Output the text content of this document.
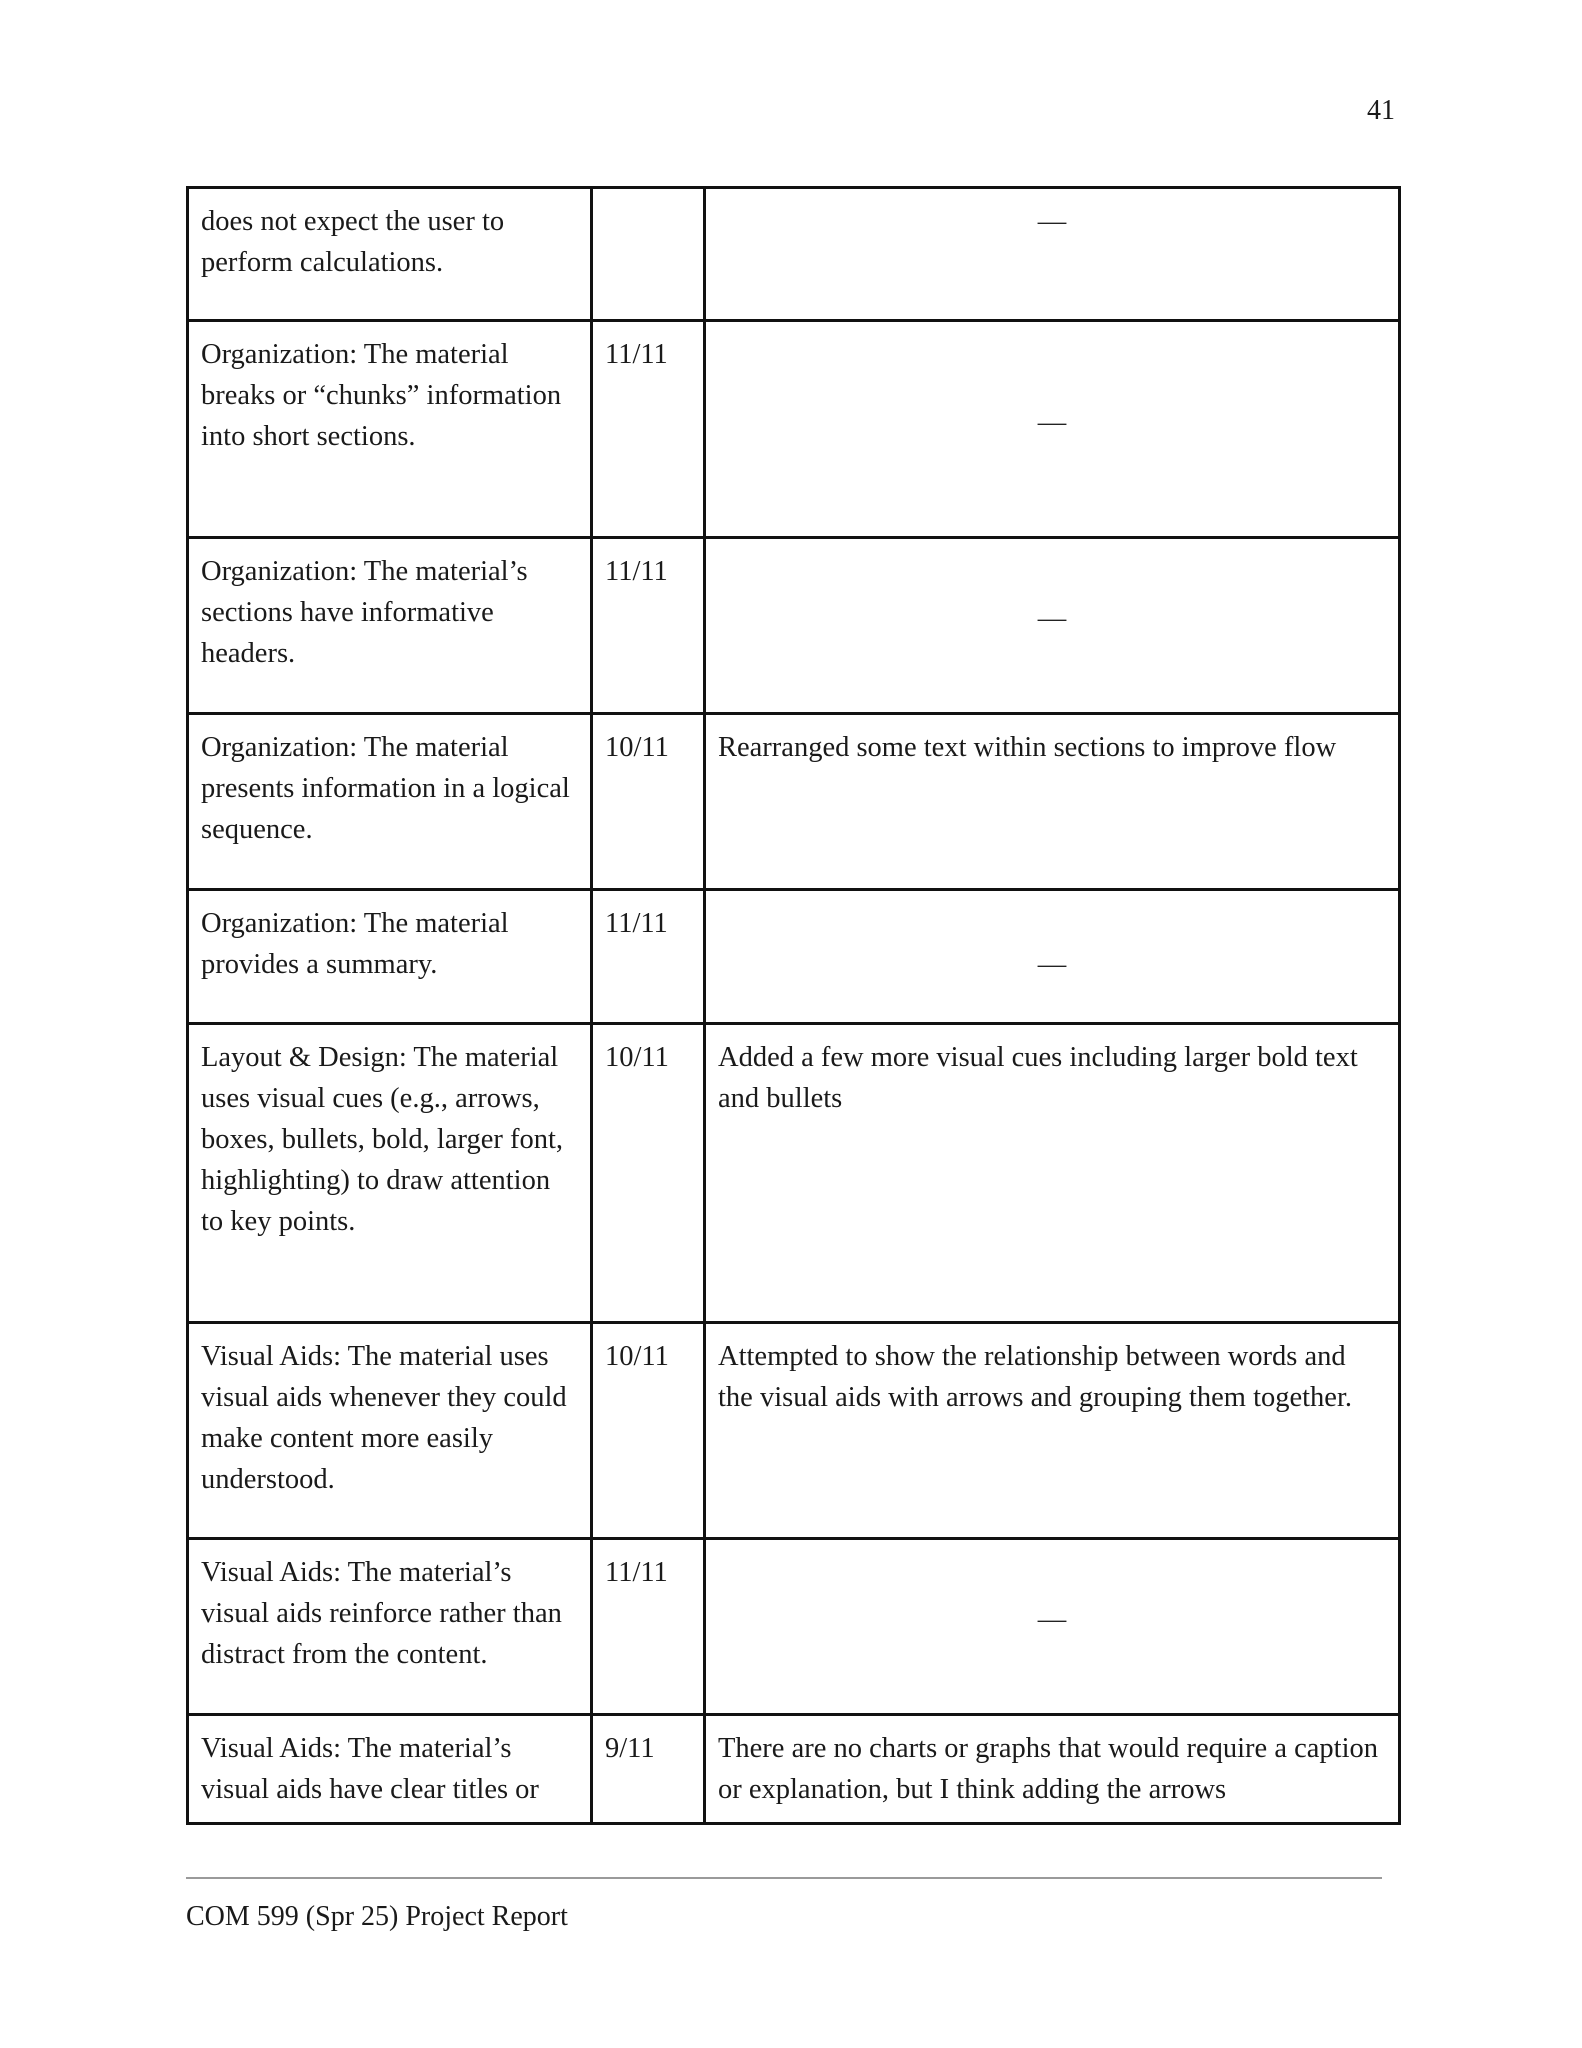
41
does not expect the user to perform calculations.		—

Organization: The material breaks or “chunks” information into short sections.	11/11	—

Organization: The material’s sections have informative headers.	11/11	—

Organization: The material presents information in a logical sequence.	10/11	Rearranged some text within sections to improve flow
Organization: The material provides a summary.	11/11	—

Layout & Design: The material uses visual cues (e.g., arrows, boxes, bullets, bold, larger font, highlighting) to draw attention to key points.	10/11	Added a few more visual cues including larger bold text and bullets
Visual Aids: The material uses visual aids whenever they could make content more easily understood.	10/11	Attempted to show the relationship between words and the visual aids with arrows and grouping them together.
Visual Aids: The material’s visual aids reinforce rather than distract from the content.	11/11	—

Visual Aids: The material’s visual aids have clear titles or	9/11	There are no charts or graphs that would require a caption or explanation, but I think adding the arrows
COM 599 (Spr 25) Project Report
